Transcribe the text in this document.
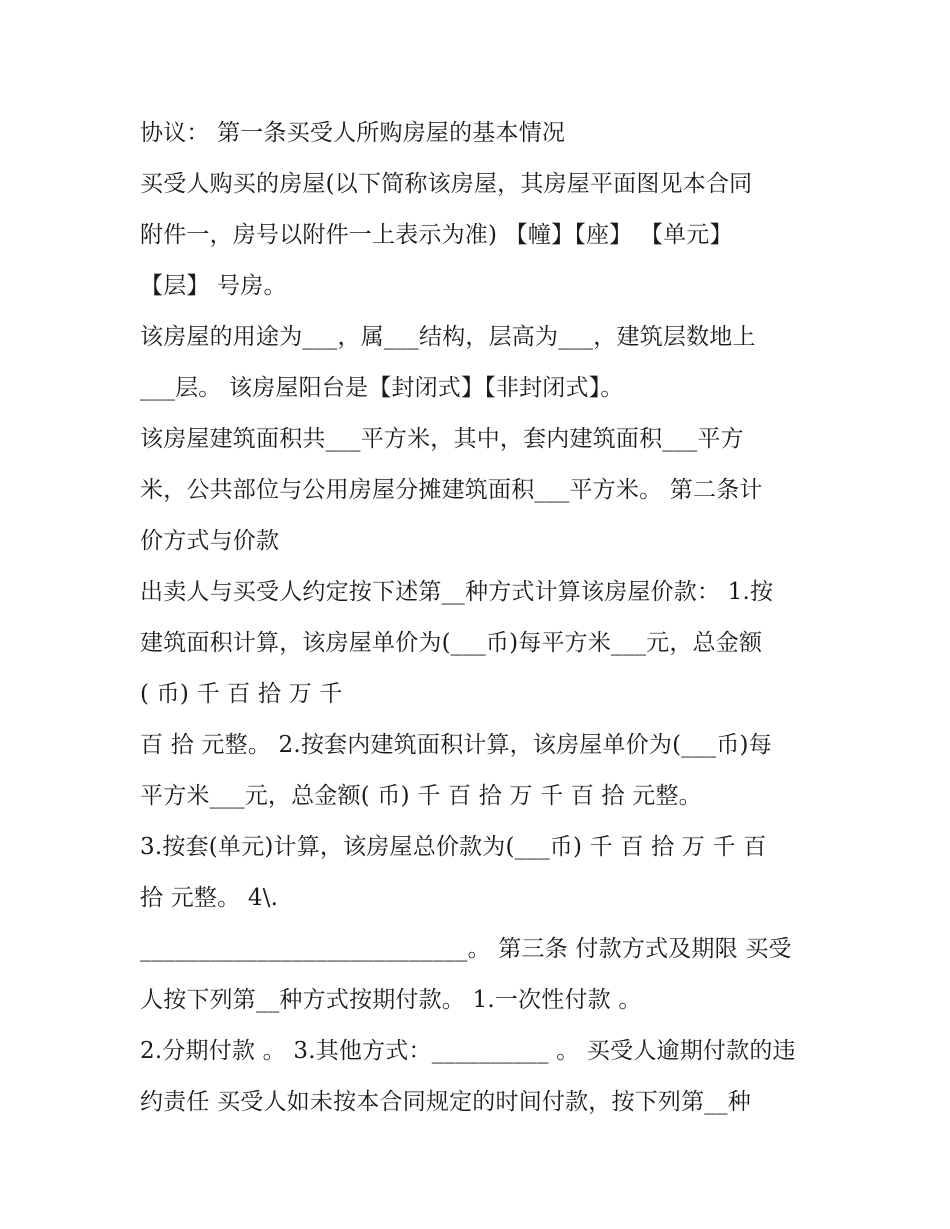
协议： 第一条买受人所购房屋的基本情况
买受人购买的房屋(以下简称该房屋，其房屋平面图见本合同
附件一，房号以附件一上表示为准) 【幢】【座】 【单元】
【层】 号房。
该房屋的用途为___，属___结构，层高为___，建筑层数地上
___层。 该房屋阳台是【封闭式】【非封闭式】。
该房屋建筑面积共___平方米，其中，套内建筑面积___平方
米，公共部位与公用房屋分摊建筑面积___平方米。 第二条计
价方式与价款
出卖人与买受人约定按下述第__种方式计算该房屋价款： 1.按
建筑面积计算，该房屋单价为(___币)每平方米___元，总金额
( 币) 千 百 拾 万 千
百 拾 元整。 2.按套内建筑面积计算，该房屋单价为(___币)每
平方米___元，总金额( 币) 千 百 拾 万 千 百 拾 元整。
3.按套(单元)计算，该房屋总价款为(___币) 千 百 拾 万 千 百
拾 元整。 4\.
____________________________。 第三条 付款方式及期限 买受
人按下列第__种方式按期付款。 1.一次性付款 。
2.分期付款 。 3.其他方式：__________ 。 买受人逾期付款的违
约责任 买受人如未按本合同规定的时间付款，按下列第__种
